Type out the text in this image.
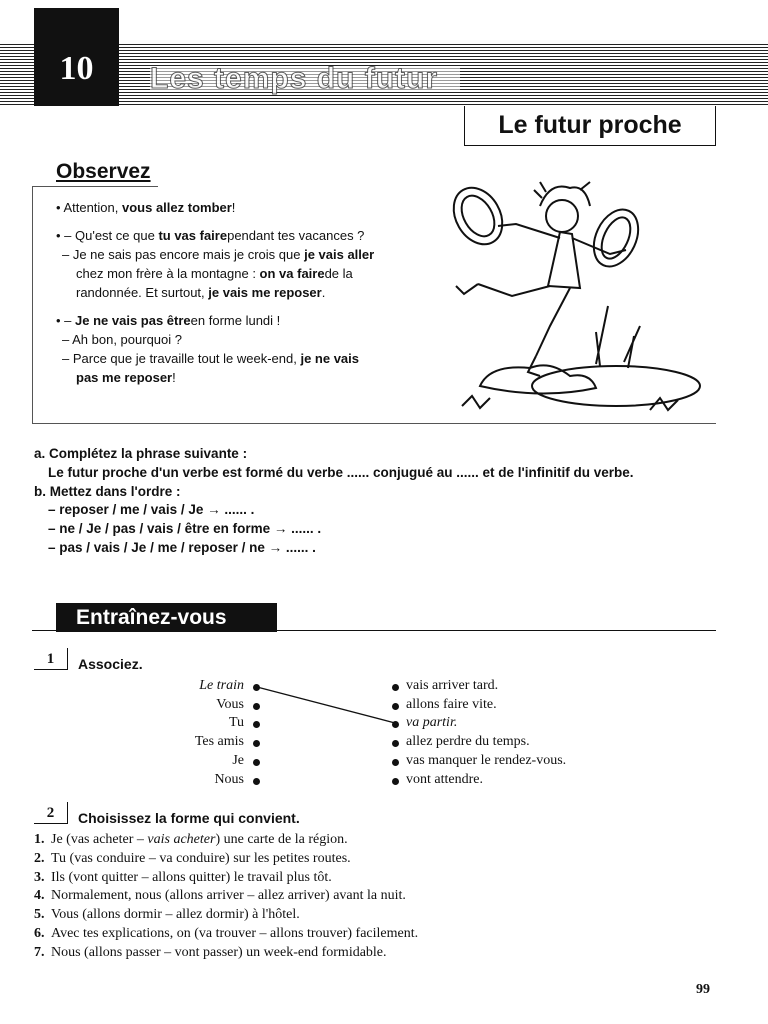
Les temps du futur
10
Le futur proche
Observez
• Attention, vous allez tomber!
• – Qu'est ce que tu vas fairependant tes vacances ?
– Je ne sais pas encore mais je crois que je vais aller
chez mon frère à la montagne : on va fairede la
randonnée. Et surtout, je vais me reposer.
• – Je ne vais pas êtreen forme lundi !
– Ah bon, pourquoi ?
– Parce que je travaille tout le week-end, je ne vais
pas me reposer!
a. Complétez la phrase suivante :
Le futur proche d'un verbe est formé du verbe ...... conjugué au ...... et de l'infinitif du verbe.
b. Mettez dans l'ordre :
– reposer / me / vais / Je → ...... .
– ne / Je / pas / vais / être en forme → ...... .
– pas / vais / Je / me / reposer / ne → ...... .
Entraînez-vous
1 Associez.
Le train
Vous
Tu
Tes amis
Je
Nous
vais arriver tard.
allons faire vite.
va partir.
allez perdre du temps.
vas manquer le rendez-vous.
vont attendre.
2 Choisissez la forme qui convient.
1. Je (vas acheter – vais acheter) une carte de la région.
2. Tu (vas conduire – va conduire) sur les petites routes.
3. Ils (vont quitter – allons quitter) le travail plus tôt.
4. Normalement, nous (allons arriver – allez arriver) avant la nuit.
5. Vous (allons dormir – allez dormir) à l'hôtel.
6. Avec tes explications, on (va trouver – allons trouver) facilement.
7. Nous (allons passer – vont passer) un week-end formidable.
99
